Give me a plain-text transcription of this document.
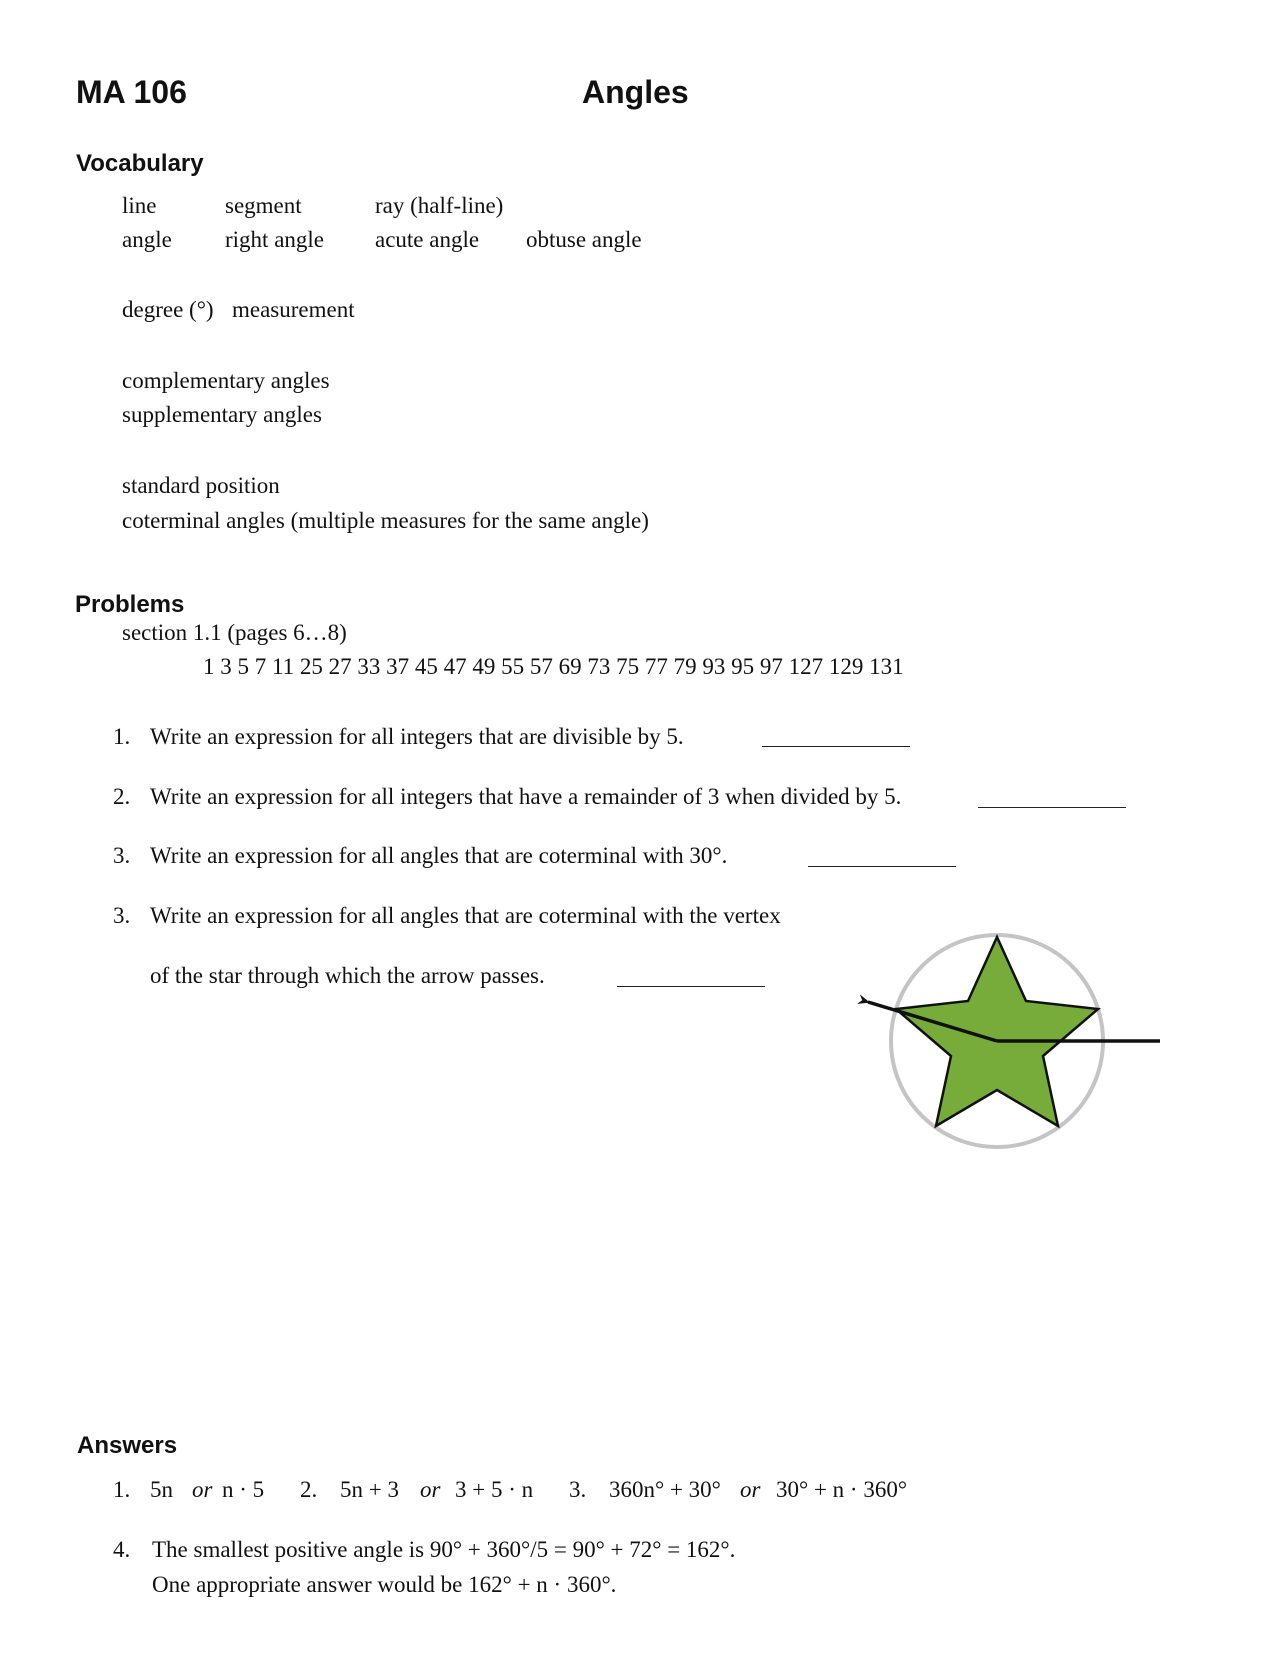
MA 106	Angles
Vocabulary
line	segment	ray (half-line)
angle right angle acute angle obtuse angle
degree (°) measurement
complementary angles
supplementary angles
standard position
coterminal angles (multiple measures for the same angle)
Problems
section 1.1 (pages 6…8)
1 3 5 7 11 25 27 33 37 45 47 49 55 57 69 73 75 77 79 93 95 97 127 129 131
1. Write an expression for all integers that are divisible by 5.
2. Write an expression for all integers that have a remainder of 3 when divided by 5.
3. Write an expression for all angles that are coterminal with 30°.
3. Write an expression for all angles that are coterminal with the vertex
of the star through which the arrow passes.
Answers
1. 5n or n · 5 2. 5n + 3 or 3 + 5 · n 3. 360n° + 30° or 30° + n · 360°
4. The smallest positive angle is 90° + 360°/5 = 90° + 72° = 162°.
One appropriate answer would be 162° + n · 360°.
